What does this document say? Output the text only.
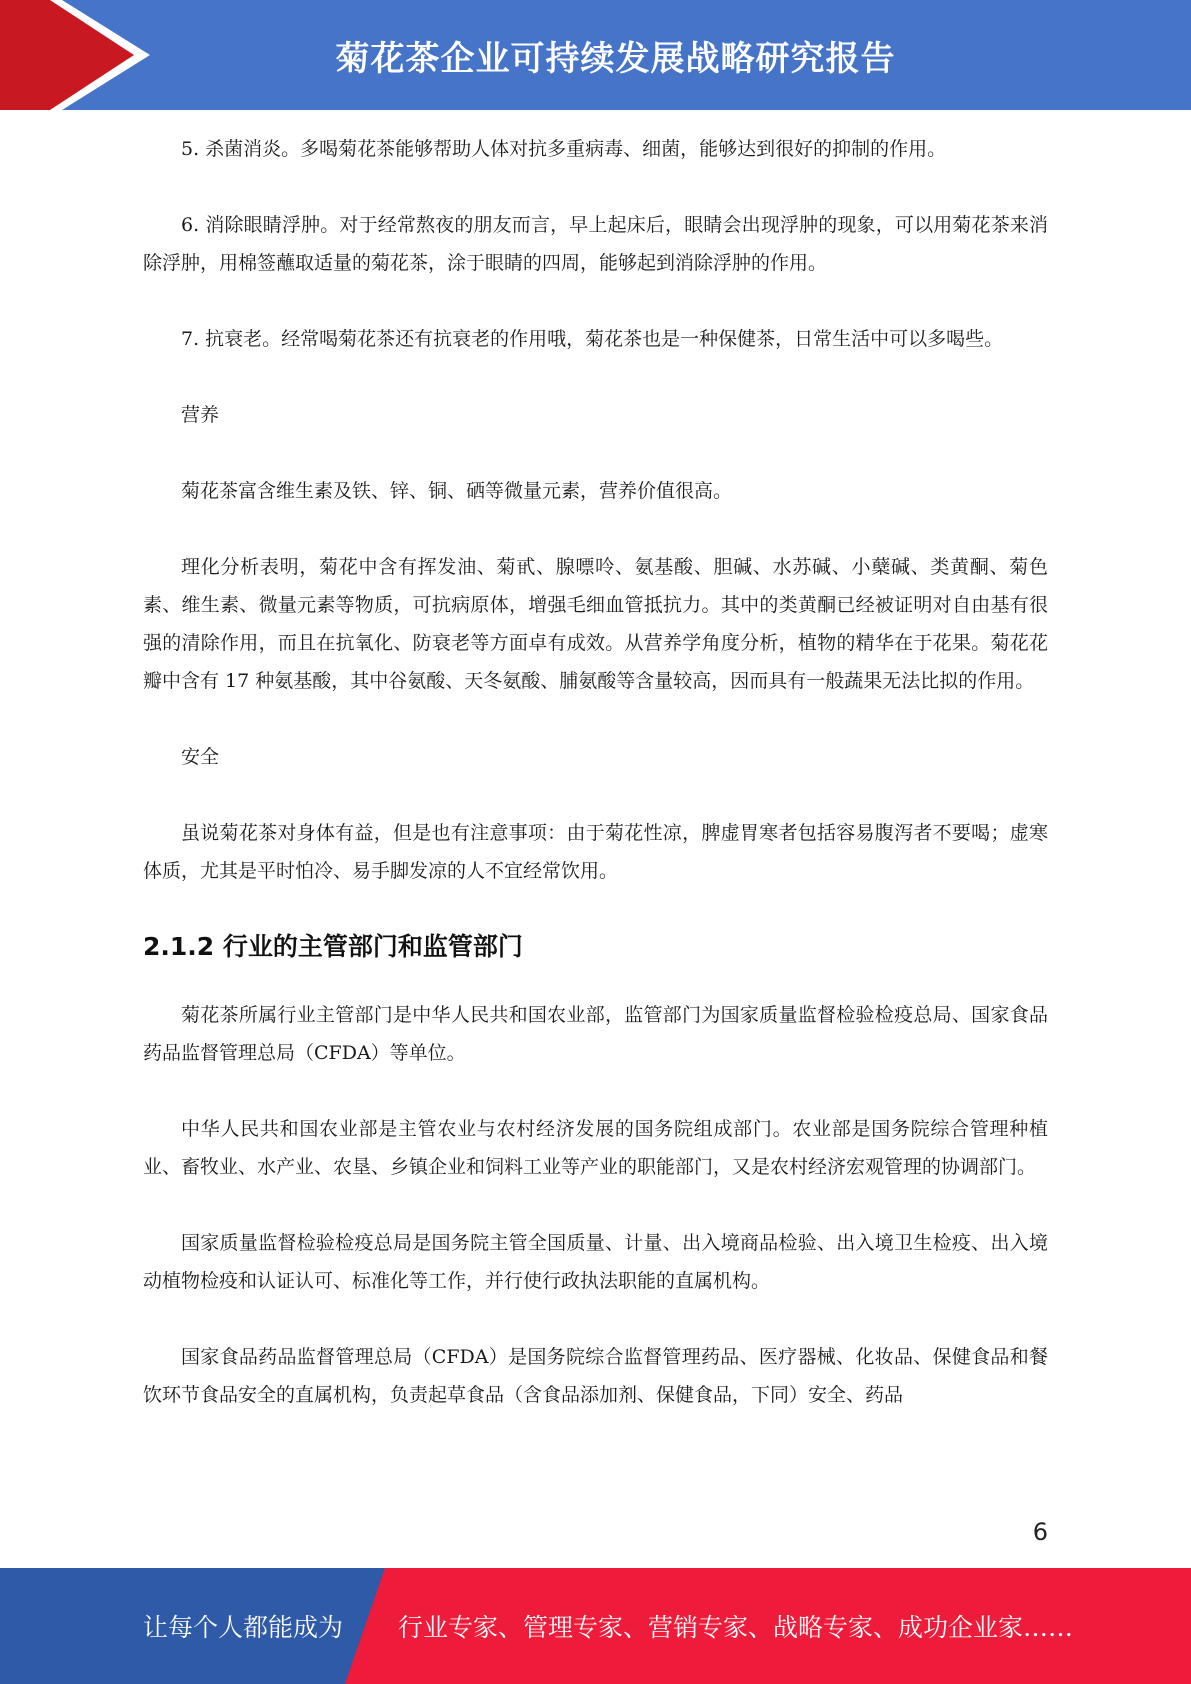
菊花茶企业可持续发展战略研究报告

5. 杀菌消炎。多喝菊花茶能够帮助人体对抗多重病毒、细菌，能够达到很好的抑制的作用。

6. 消除眼睛浮肿。对于经常熬夜的朋友而言，早上起床后，眼睛会出现浮肿的现象，可以用菊花茶来消除浮肿，用棉签蘸取适量的菊花茶，涂于眼睛的四周，能够起到消除浮肿的作用。

7. 抗衰老。经常喝菊花茶还有抗衰老的作用哦，菊花茶也是一种保健茶，日常生活中可以多喝些。

营养

菊花茶富含维生素及铁、锌、铜、硒等微量元素，营养价值很高。

理化分析表明，菊花中含有挥发油、菊甙、腺嘌呤、氨基酸、胆碱、水苏碱、小蘖碱、类黄酮、菊色素、维生素、微量元素等物质，可抗病原体，增强毛细血管抵抗力。其中的类黄酮已经被证明对自由基有很强的清除作用，而且在抗氧化、防衰老等方面卓有成效。从营养学角度分析，植物的精华在于花果。菊花花瓣中含有 17 种氨基酸，其中谷氨酸、天冬氨酸、脯氨酸等含量较高，因而具有一般蔬果无法比拟的作用。

安全

虽说菊花茶对身体有益，但是也有注意事项：由于菊花性凉，脾虚胃寒者包括容易腹泻者不要喝；虚寒体质，尤其是平时怕冷、易手脚发凉的人不宜经常饮用。

2.1.2 行业的主管部门和监管部门

菊花茶所属行业主管部门是中华人民共和国农业部，监管部门为国家质量监督检验检疫总局、国家食品药品监督管理总局（CFDA）等单位。

中华人民共和国农业部是主管农业与农村经济发展的国务院组成部门。农业部是国务院综合管理种植业、畜牧业、水产业、农垦、乡镇企业和饲料工业等产业的职能部门，又是农村经济宏观管理的协调部门。

国家质量监督检验检疫总局是国务院主管全国质量、计量、出入境商品检验、出入境卫生检疫、出入境动植物检疫和认证认可、标准化等工作，并行使行政执法职能的直属机构。

国家食品药品监督管理总局（CFDA）是国务院综合监督管理药品、医疗器械、化妆品、保健食品和餐饮环节食品安全的直属机构，负责起草食品（含食品添加剂、保健食品，下同）安全、药品

6
让每个人都能成为 行业专家、管理专家、营销专家、战略专家、成功企业家……
